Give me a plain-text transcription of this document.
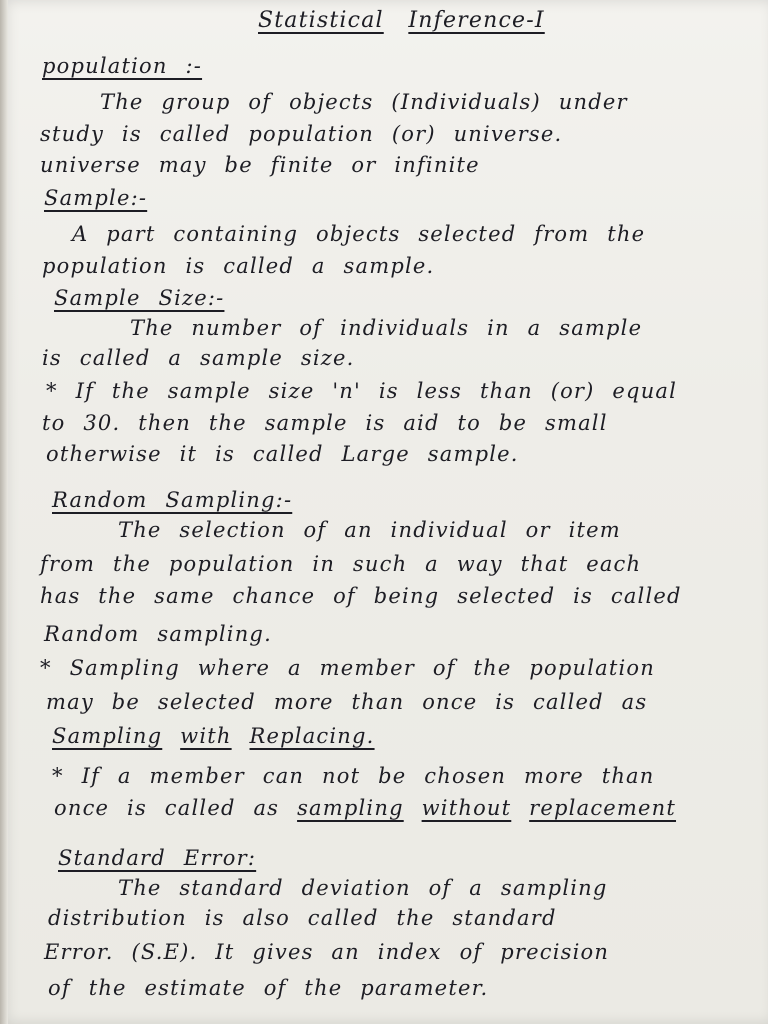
Statistical Inference-I
population :-
The group of objects (Individuals) under
study is called population (or) universe.
universe may be finite or infinite
Sample:-
A part containing objects selected from the
population is called a sample.
Sample Size:-
The number of individuals in a sample
is called a sample size.
* If the sample size 'n' is less than (or) equal
to 30. then the sample is aid to be small
otherwise it is called Large sample.
Random Sampling:-
The selection of an individual or item
from the population in such a way that each
has the same chance of being selected is called
Random sampling.
* Sampling where a member of the population
may be selected more than once is called as
Sampling with Replacing.
* If a member can not be chosen more than
once is called as sampling without replacement
Standard Error:
The standard deviation of a sampling
distribution is also called the standard
Error. (S.E). It gives an index of precision
of the estimate of the parameter.
